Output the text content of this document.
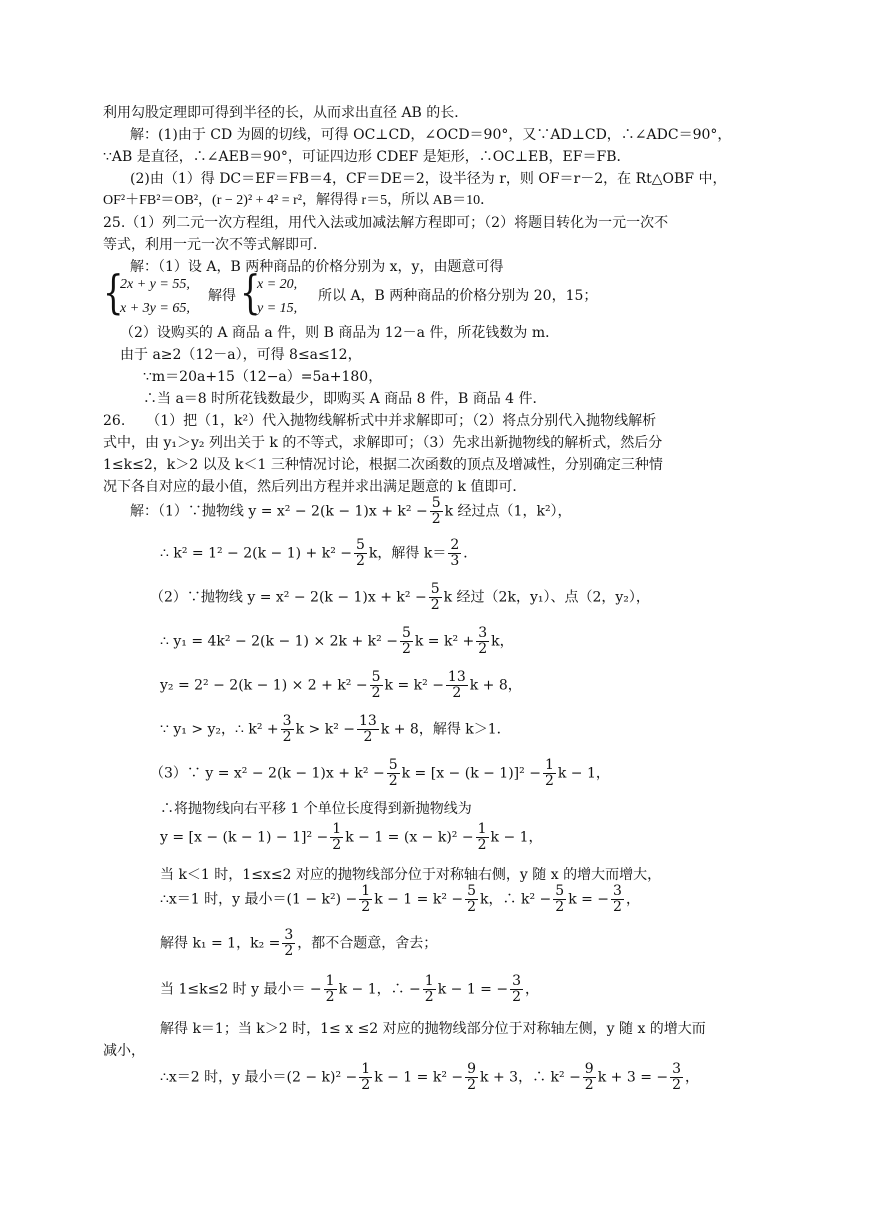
利用勾股定理即可得到半径的长，从而求出直径 AB 的长．
解：(1)由于 CD 为圆的切线，可得 OC⊥CD，∠OCD＝90°，又∵AD⊥CD，∴∠ADC＝90°，
∵AB 是直径，∴∠AEB＝90°，可证四边形 CDEF 是矩形，∴OC⊥EB，EF＝FB．
(2)由（1）得 DC＝EF＝FB＝4，CF＝DE＝2，设半径为 r，则 OF＝r－2，在 Rt△OBF 中，
OF²＋FB²＝OB²，(r − 2)² + 4² = r²，解得得 r＝5，所以 AB＝10．
25.（1）列二元一次方程组，用代入法或加减法解方程即可；（2）将题目转化为一元一次不
等式，利用一元一次不等式解即可．
解：（1）设 A，B 两种商品的价格分别为 x，y，由题意可得
{
2x + y = 55,
解得 {
x = 20,
所以 A，B 两种商品的价格分别为 20，15；
x + 3y = 65,	y = 15,
（2）设购买的 A 商品 a 件，则 B 商品为 12－a 件，所花钱数为 m．
由于 a≥2（12－a），可得 8≤a≤12，
∵m＝20a+15（12−a）=5a+180，
∴当 a＝8 时所花钱数最少，即购买 A 商品 8 件，B 商品 4 件．
26.　　（1）把（1，k²）代入抛物线解析式中并求解即可；（2）将点分别代入抛物线解析
式中，由 y₁＞y₂ 列出关于 k 的不等式，求解即可；（3）先求出新抛物线的解析式，然后分
1≤k≤2，k＞2 以及 k＜1 三种情况讨论，根据二次函数的顶点及增减性，分别确定三种情
况下各自对应的最小值，然后列出方程并求出满足题意的 k 值即可．
解：（1）∵抛物线 $y = x^2 - 2(k - 1)x + k^2 - \frac{5}{2}$ k 经过点（1，k²），
∴ $k^2 = 1^2 - 2(k - 1) + k^2 - \frac{5}{2}$ k，解得 $k= \frac{2}{3}$ ．
（2）∵抛物线 $y = x^2 - 2(k - 1)x + k^2 - \frac{5}{2}$ k 经过（2k，y₁）、点（2，y₂），
∴ $y_1 = 4k^2 - 2(k - 1) \times 2k + k^2 - \frac{5}{2}$ $k = k^2 + \frac{3}{2}$ k，
$y_2 = 2^2 - 2(k - 1) \times 2 + k^2 - \frac{5}{2}$ $k = k^2 - \frac{13}{2}$ k + 8，
∵ y₁ > y₂，∴ $k^2 + \frac{3}{2}$ $k > k^2 - \frac{13}{2}$ k + 8，解得 k＞1．
（3）∵ $y = x^2 - 2(k - 1)x + k^2 - \frac{5}{2}$ $k = [x - (k - 1)]^2 - \frac{1}{2}$ k − 1，
∴将抛物线向右平移 1 个单位长度得到新抛物线为
$y = [x - (k - 1) - 1]^2 - \frac{1}{2}$ $k - 1 = (x - k)^2 - \frac{1}{2}$ k − 1，
当 k＜1 时，1≤x≤2 对应的抛物线部分位于对称轴右侧，y 随 x 的增大而增大，
∴x＝1 时，y 最小$=(1 - k^2) - \frac{1}{2}$ $k - 1 = k^2 - \frac{5}{2}$ k，∴ $k^2 - \frac{5}{2}$ k = − $\frac{3}{2}$ ，
解得 k₁ = 1，$k_2 = \frac{3}{2}$ ，都不合题意，舍去；
当 1≤k≤2 时 y 最小＝ − $\frac{1}{2}$ k − 1，∴ − $\frac{1}{2}$ k − 1 = − $\frac{3}{2}$ ，
解得 k＝1；当 k＞2 时，1≤ x ≤2 对应的抛物线部分位于对称轴左侧，y 随 x 的增大而
减小，
∴x＝2 时，y 最小$=(2 - k)^2 - \frac{1}{2}$ $k - 1 = k^2 - \frac{9}{2}$ k + 3，∴ $k^2 - \frac{9}{2}$ k + 3 = − $\frac{3}{2}$ ，
